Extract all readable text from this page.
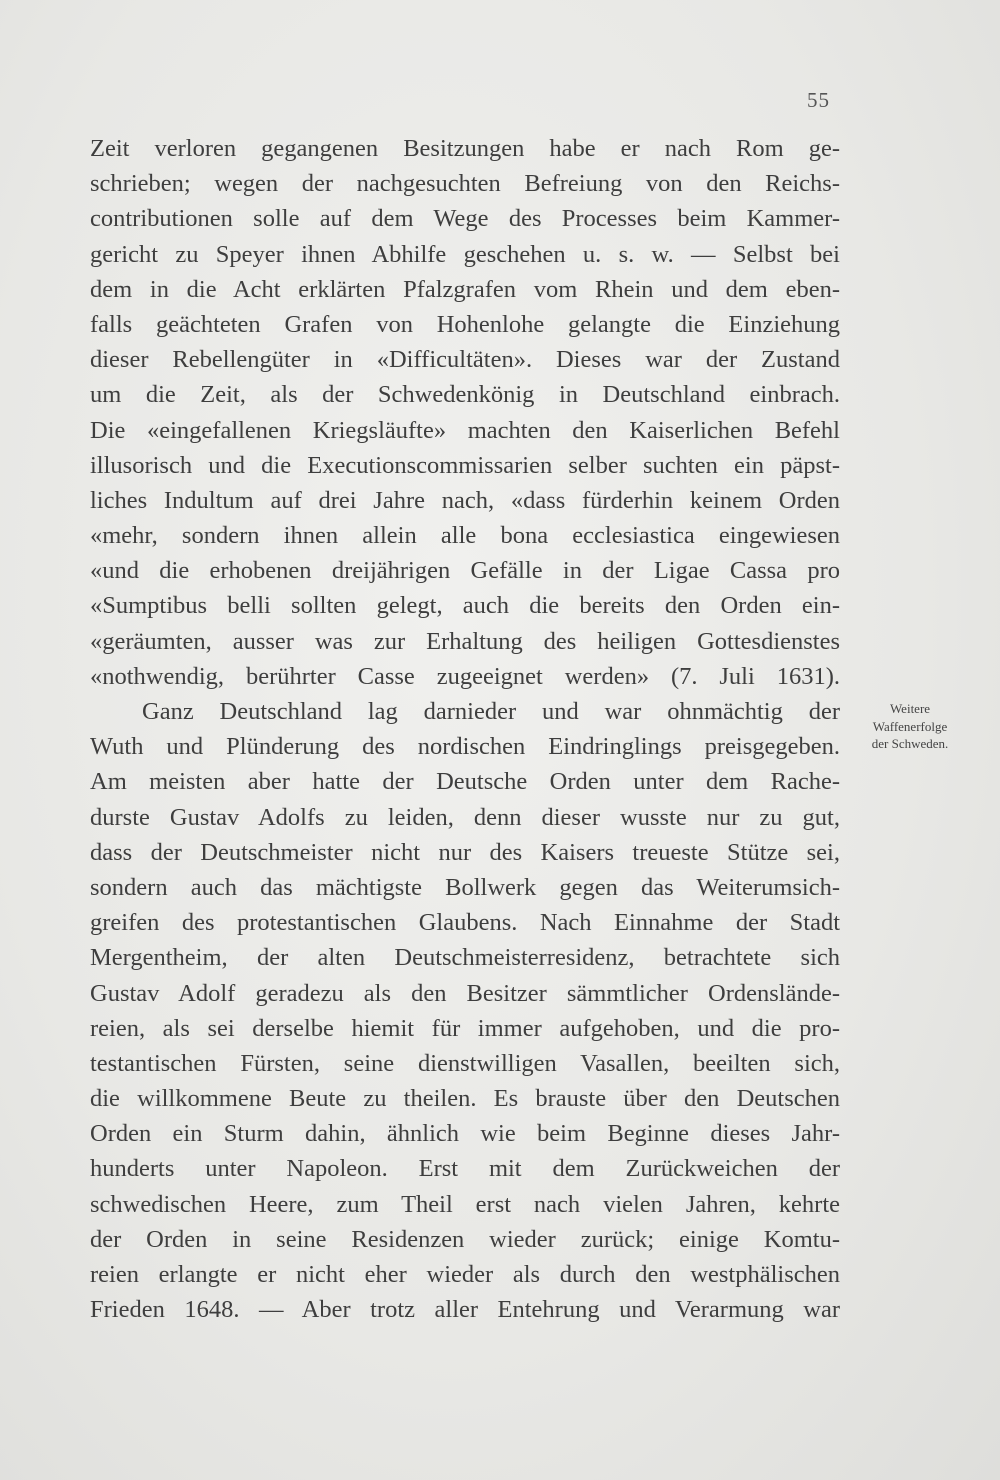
55
Zeit verloren gegangenen Besitzungen habe er nach Rom ge-
schrieben; wegen der nachgesuchten Befreiung von den Reichs-
contributionen solle auf dem Wege des Processes beim Kammer-
gericht zu Speyer ihnen Abhilfe geschehen u. s. w. — Selbst bei
dem in die Acht erklärten Pfalzgrafen vom Rhein und dem eben-
falls geächteten Grafen von Hohenlohe gelangte die Einziehung
dieser Rebellengüter in «Difficultäten». Dieses war der Zustand
um die Zeit, als der Schwedenkönig in Deutschland einbrach.
Die «eingefallenen Kriegsläufte» machten den Kaiserlichen Befehl
illusorisch und die Executionscommissarien selber suchten ein päpst-
liches Indultum auf drei Jahre nach, «dass fürderhin keinem Orden
«mehr, sondern ihnen allein alle bona ecclesiastica eingewiesen
«und die erhobenen dreijährigen Gefälle in der Ligae Cassa pro
«Sumptibus belli sollten gelegt, auch die bereits den Orden ein-
«geräumten, ausser was zur Erhaltung des heiligen Gottesdienstes
«nothwendig, berührter Casse zugeeignet werden» (7. Juli 1631).
Ganz Deutschland lag darnieder und war ohnmächtig der
Wuth und Plünderung des nordischen Eindringlings preisgegeben.
Am meisten aber hatte der Deutsche Orden unter dem Rache-
durste Gustav Adolfs zu leiden, denn dieser wusste nur zu gut,
dass der Deutschmeister nicht nur des Kaisers treueste Stütze sei,
sondern auch das mächtigste Bollwerk gegen das Weiterumsich-
greifen des protestantischen Glaubens. Nach Einnahme der Stadt
Mergentheim, der alten Deutschmeisterresidenz, betrachtete sich
Gustav Adolf geradezu als den Besitzer sämmtlicher Ordenslände-
reien, als sei derselbe hiemit für immer aufgehoben, und die pro-
testantischen Fürsten, seine dienstwilligen Vasallen, beeilten sich,
die willkommene Beute zu theilen. Es brauste über den Deutschen
Orden ein Sturm dahin, ähnlich wie beim Beginne dieses Jahr-
hunderts unter Napoleon. Erst mit dem Zurückweichen der
schwedischen Heere, zum Theil erst nach vielen Jahren, kehrte
der Orden in seine Residenzen wieder zurück; einige Komtu-
reien erlangte er nicht eher wieder als durch den westphälischen
Frieden 1648. — Aber trotz aller Entehrung und Verarmung war
Weitere
Waffenerfolge
der Schweden.
